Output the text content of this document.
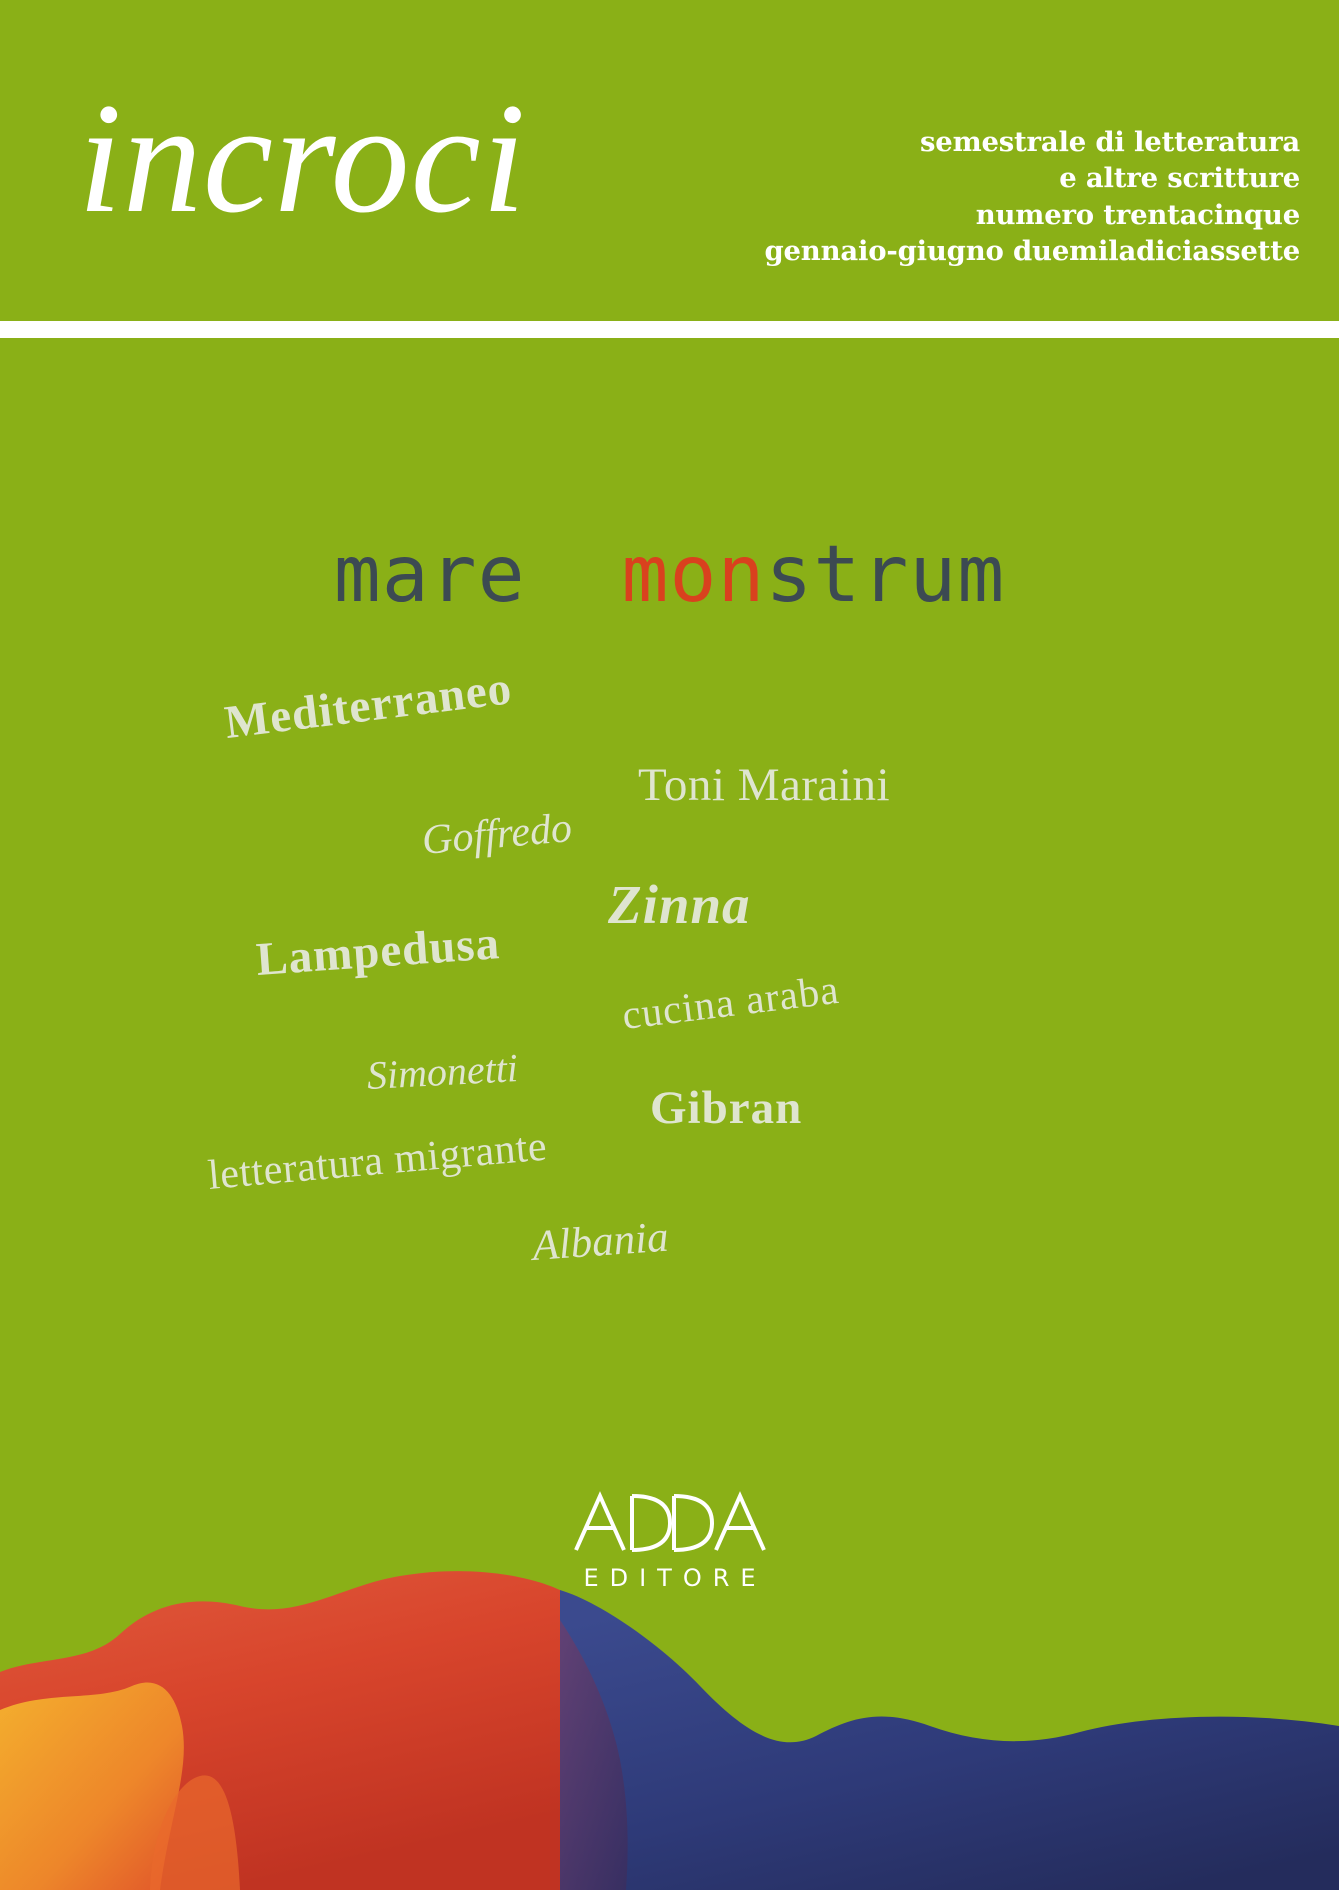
incroci	semestrale di letteratura
e altre scritture
numero trentacinque
gennaio-giugno duemiladiciassette
mare monstrum
Mediterraneo
Toni Maraini
Goffredo
Zinna
Lampedusa
cucina araba
Simonetti
Gibran
letteratura migrante
Albania
EDITORE
